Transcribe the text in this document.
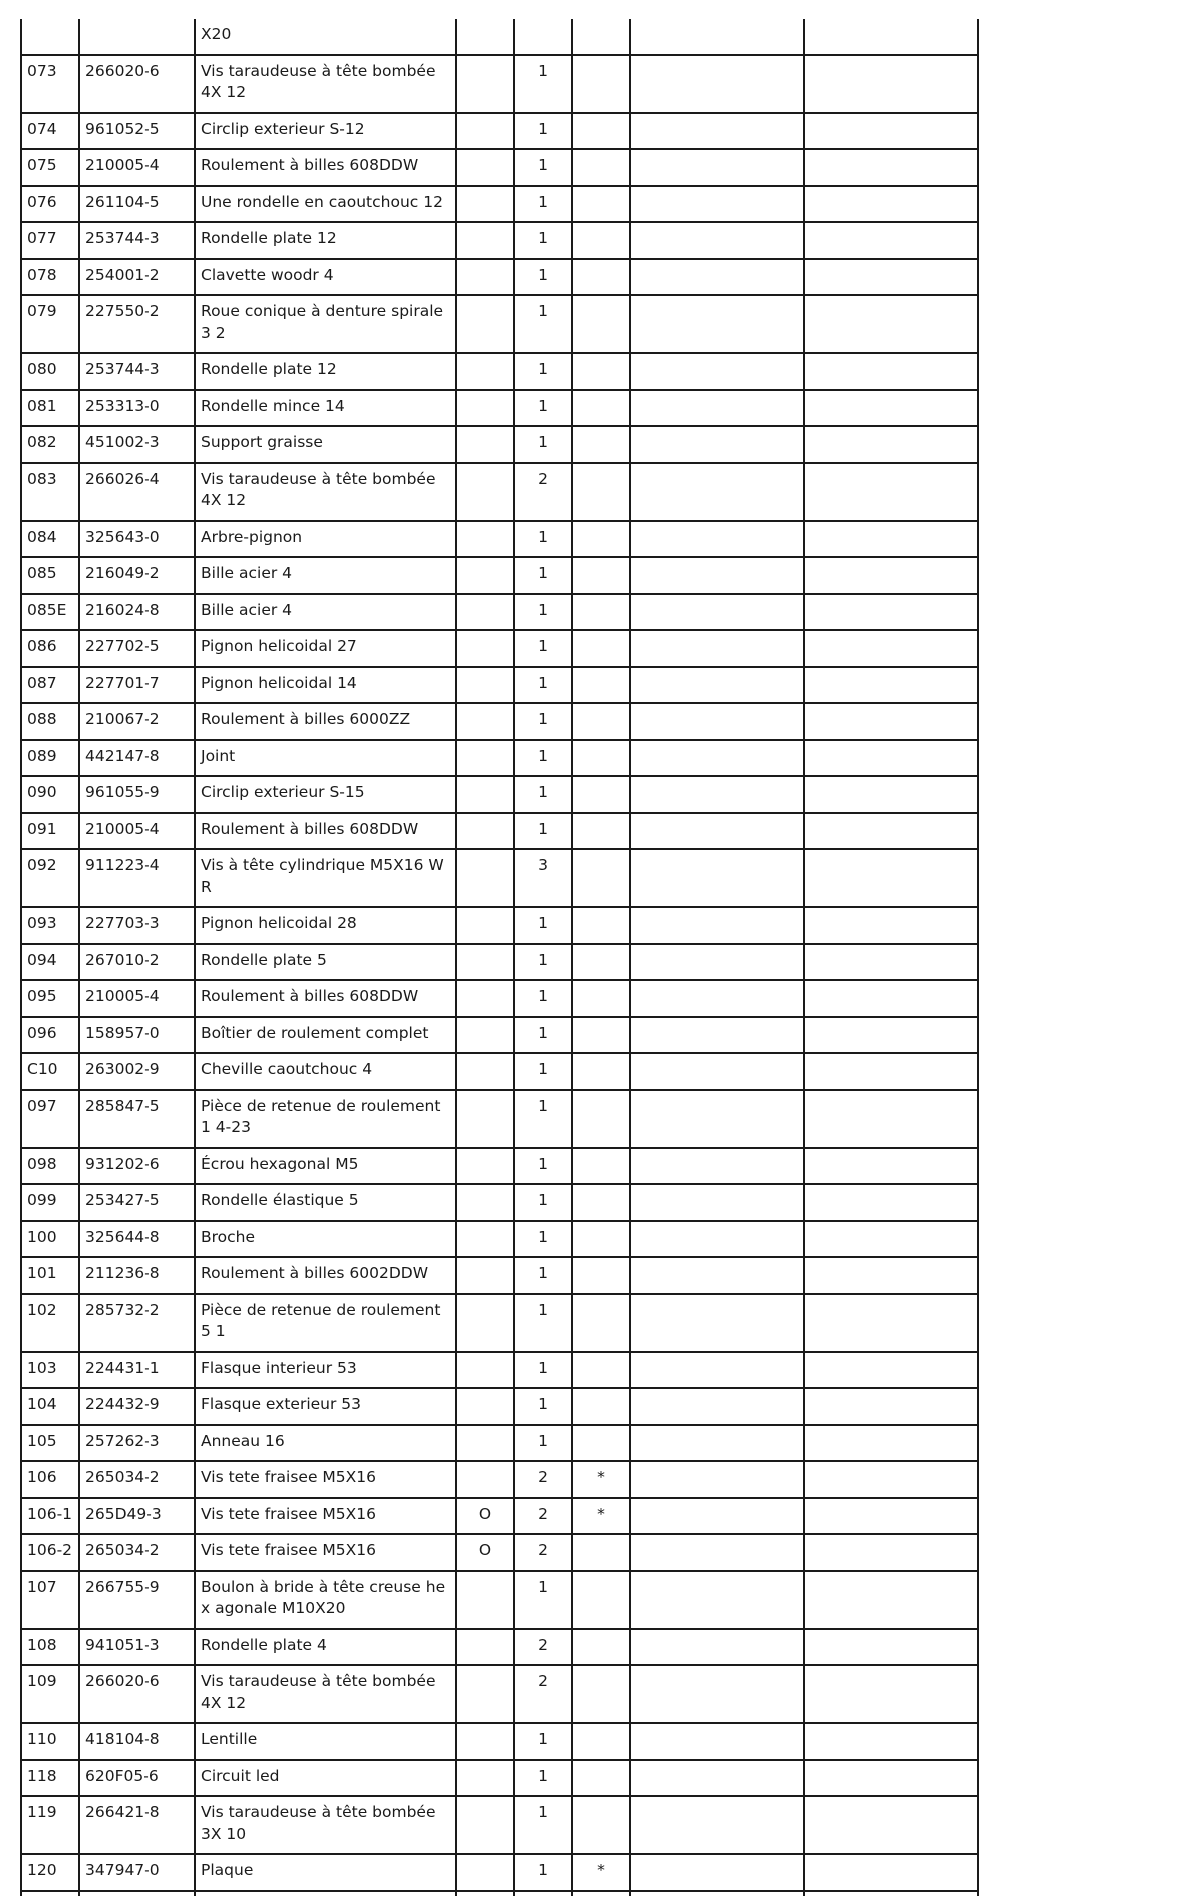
		X20					
073	266020-6	Vis taraudeuse à tête bombée 4X 12		1			
074	961052-5	Circlip exterieur S-12		1			
075	210005-4	Roulement à billes 608DDW		1			
076	261104-5	Une rondelle en caoutchouc 12		1			
077	253744-3	Rondelle plate 12		1			
078	254001-2	Clavette woodr 4		1			
079	227550-2	Roue conique à denture spirale 3 2		1			
080	253744-3	Rondelle plate 12		1			
081	253313-0	Rondelle mince 14		1			
082	451002-3	Support graisse		1			
083	266026-4	Vis taraudeuse à tête bombée 4X 12		2			
084	325643-0	Arbre-pignon		1			
085	216049-2	Bille acier 4		1			
085E	216024-8	Bille acier 4		1			
086	227702-5	Pignon helicoidal 27		1			
087	227701-7	Pignon helicoidal 14		1			
088	210067-2	Roulement à billes 6000ZZ		1			
089	442147-8	Joint		1			
090	961055-9	Circlip exterieur S-15		1			
091	210005-4	Roulement à billes 608DDW		1			
092	911223-4	Vis à tête cylindrique M5X16 WR		3			
093	227703-3	Pignon helicoidal 28		1			
094	267010-2	Rondelle plate 5		1			
095	210005-4	Roulement à billes 608DDW		1			
096	158957-0	Boîtier de roulement complet		1			
C10	263002-9	Cheville caoutchouc 4		1			
097	285847-5	Pièce de retenue de roulement 1 4-23		1			
098	931202-6	Écrou hexagonal M5		1			
099	253427-5	Rondelle élastique 5		1			
100	325644-8	Broche		1			
101	211236-8	Roulement à billes 6002DDW		1			
102	285732-2	Pièce de retenue de roulement 5 1		1			
103	224431-1	Flasque interieur 53		1			
104	224432-9	Flasque exterieur 53		1			
105	257262-3	Anneau 16		1			
106	265034-2	Vis tete fraisee M5X16		2	*		
106-1	265D49-3	Vis tete fraisee M5X16	O	2	*		
106-2	265034-2	Vis tete fraisee M5X16	O	2			
107	266755-9	Boulon à bride à tête creuse hex agonale M10X20		1			
108	941051-3	Rondelle plate 4		2			
109	266020-6	Vis taraudeuse à tête bombée 4X 12		2			
110	418104-8	Lentille		1			
118	620F05-6	Circuit led		1			
119	266421-8	Vis taraudeuse à tête bombée 3X 10		1			
120	347947-0	Plaque		1	*		
